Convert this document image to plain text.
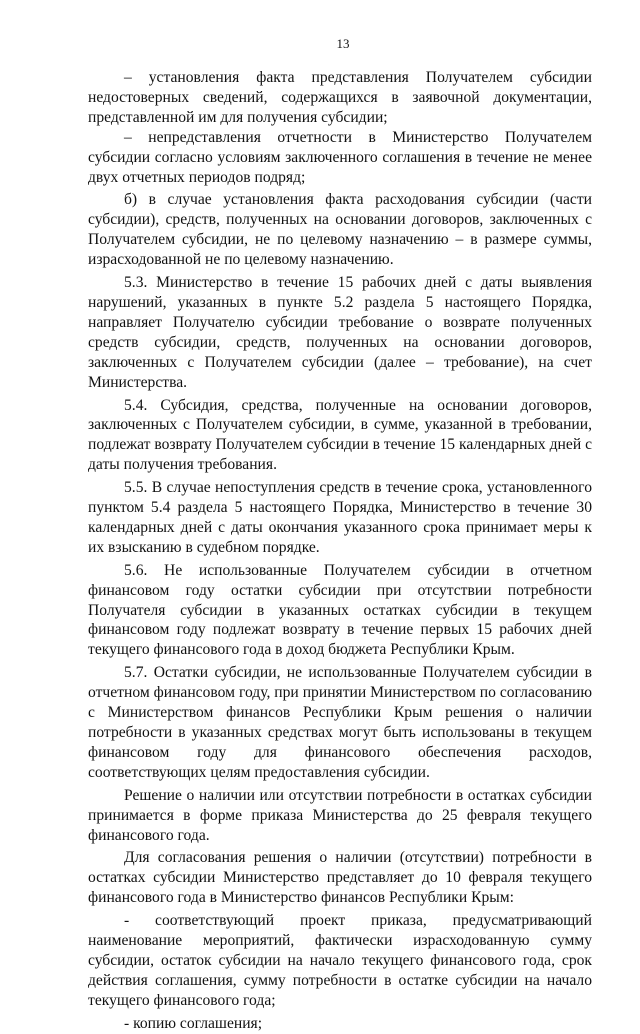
13

– установления факта представления Получателем субсидии недостоверных сведений, содержащихся в заявочной документации, представленной им для получения субсидии;

– непредставления отчетности в Министерство Получателем субсидии согласно условиям заключенного соглашения в течение не менее двух отчетных периодов подряд;

б) в случае установления факта расходования субсидии (части субсидии), средств, полученных на основании договоров, заключенных с Получателем субсидии, не по целевому назначению – в размере суммы, израсходованной не по целевому назначению.

5.3. Министерство в течение 15 рабочих дней с даты выявления нарушений, указанных в пункте 5.2 раздела 5 настоящего Порядка, направляет Получателю субсидии требование о возврате полученных средств субсидии, средств, полученных на основании договоров, заключенных с Получателем субсидии (далее – требование), на счет Министерства.

5.4. Субсидия, средства, полученные на основании договоров, заключенных с Получателем субсидии, в сумме, указанной в требовании, подлежат возврату Получателем субсидии в течение 15 календарных дней с даты получения требования.

5.5. В случае непоступления средств в течение срока, установленного пунктом 5.4 раздела 5 настоящего Порядка, Министерство в течение 30 календарных дней с даты окончания указанного срока принимает меры к их взысканию в судебном порядке.

5.6. Не использованные Получателем субсидии в отчетном финансовом году остатки субсидии при отсутствии потребности Получателя субсидии в указанных остатках субсидии в текущем финансовом году подлежат возврату в течение первых 15 рабочих дней текущего финансового года в доход бюджета Республики Крым.

5.7. Остатки субсидии, не использованные Получателем субсидии в отчетном финансовом году, при принятии Министерством по согласованию с Министерством финансов Республики Крым решения о наличии потребности в указанных средствах могут быть использованы в текущем финансовом году для финансового обеспечения расходов, соответствующих целям предоставления субсидии.

Решение о наличии или отсутствии потребности в остатках субсидии принимается в форме приказа Министерства до 25 февраля текущего финансового года.

Для согласования решения о наличии (отсутствии) потребности в остатках субсидии Министерство представляет до 10 февраля текущего финансового года в Министерство финансов Республики Крым:

- соответствующий проект приказа, предусматривающий наименование мероприятий, фактически израсходованную сумму субсидии, остаток субсидии на начало текущего финансового года, срок действия соглашения, сумму потребности в остатке субсидии на начало текущего финансового года;

- копию соглашения;
